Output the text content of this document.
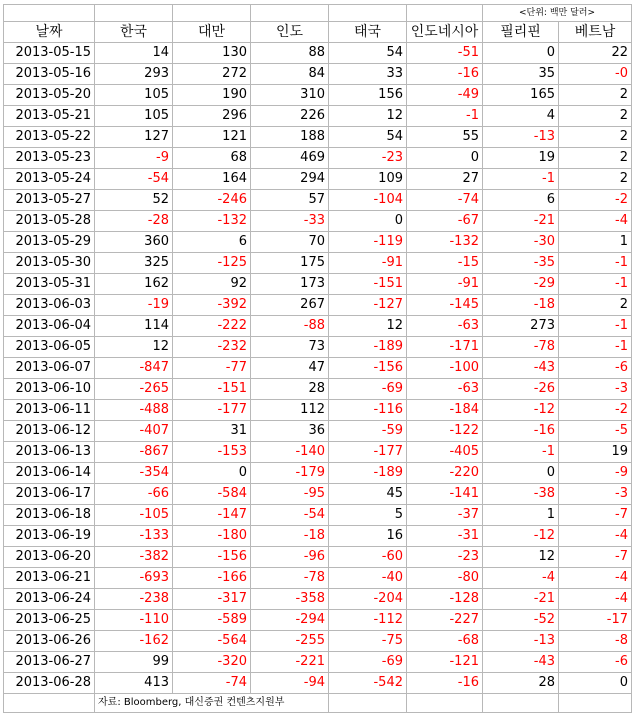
						<단위: 백만 달러>	
날짜	한국	대만	인도	태국	인도네시아	필리핀	베트남
2013-05-15	14	130	88	54	-51	0	22
2013-05-16	293	272	84	33	-16	35	-0
2013-05-20	105	190	310	156	-49	165	2
2013-05-21	105	296	226	12	-1	4	2
2013-05-22	127	121	188	54	55	-13	2
2013-05-23	-9	68	469	-23	0	19	2
2013-05-24	-54	164	294	109	27	-1	2
2013-05-27	52	-246	57	-104	-74	6	-2
2013-05-28	-28	-132	-33	0	-67	-21	-4
2013-05-29	360	6	70	-119	-132	-30	1
2013-05-30	325	-125	175	-91	-15	-35	-1
2013-05-31	162	92	173	-151	-91	-29	-1
2013-06-03	-19	-392	267	-127	-145	-18	2
2013-06-04	114	-222	-88	12	-63	273	-1
2013-06-05	12	-232	73	-189	-171	-78	-1
2013-06-07	-847	-77	47	-156	-100	-43	-6
2013-06-10	-265	-151	28	-69	-63	-26	-3
2013-06-11	-488	-177	112	-116	-184	-12	-2
2013-06-12	-407	31	36	-59	-122	-16	-5
2013-06-13	-867	-153	-140	-177	-405	-1	19
2013-06-14	-354	0	-179	-189	-220	0	-9
2013-06-17	-66	-584	-95	45	-141	-38	-3
2013-06-18	-105	-147	-54	5	-37	1	-7
2013-06-19	-133	-180	-18	16	-31	-12	-4
2013-06-20	-382	-156	-96	-60	-23	12	-7
2013-06-21	-693	-166	-78	-40	-80	-4	-4
2013-06-24	-238	-317	-358	-204	-128	-21	-4
2013-06-25	-110	-589	-294	-112	-227	-52	-17
2013-06-26	-162	-564	-255	-75	-68	-13	-8
2013-06-27	99	-320	-221	-69	-121	-43	-6
2013-06-28	413	-74	-94	-542	-16	28	0
	자료: Bloomberg, 대신증권 컨텐츠지원부						
